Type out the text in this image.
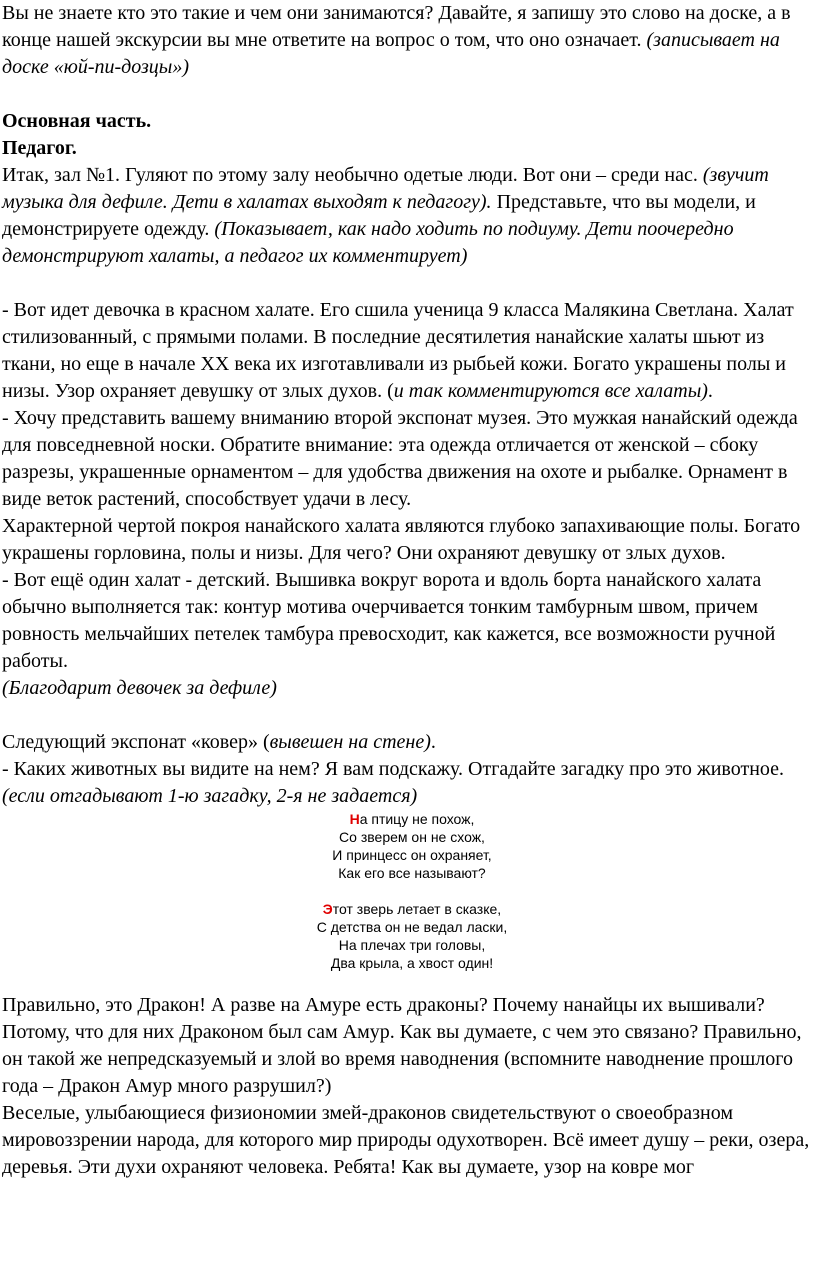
Вы не знаете кто это такие и чем они занимаются? Давайте, я запишу это слово на доске, а в конце нашей экскурсии вы мне ответите на вопрос о том, что оно означает. (записывает на доске «юй-пи-дозцы»)

Основная часть.

Педагог.

Итак, зал №1. Гуляют по этому залу необычно одетые люди. Вот они – среди нас. (звучит музыка для дефиле. Дети в халатах выходят к педагогу). Представьте, что вы модели, и демонстрируете одежду. (Показывает, как надо ходить по подиуму. Дети поочередно демонстрируют халаты, а педагог их комментирует)

- Вот идет девочка в красном халате. Его сшила ученица 9 класса Малякина Светлана. Халат стилизованный, с прямыми полами. В последние десятилетия нанайские халаты шьют из ткани, но еще в начале XX века их изготавливали из рыбьей кожи. Богато украшены полы и низы. Узор охраняет девушку от злых духов. (и так комментируются все халаты).

- Хочу представить вашему вниманию второй экспонат музея. Это мужкая нанайский одежда для повседневной носки. Обратите внимание: эта одежда отличается от женской – сбоку разрезы, украшенные орнаментом – для удобства движения на охоте и рыбалке. Орнамент в виде веток растений, способствует удачи в лесу.

Характерной чертой покроя нанайского халата являются глубоко запахивающие полы. Богато украшены горловина, полы и низы. Для чего? Они охраняют девушку от злых духов.

- Вот ещё один халат - детский. Вышивка вокруг ворота и вдоль борта нанайского халата обычно выполняется так: контур мотива очерчивается тонким тамбурным швом, причем ровность мельчайших петелек тамбура превосходит, как кажется, все возможности ручной работы.

(Благодарит девочек за дефиле)

Следующий экспонат «ковер» (вывешен на стене).

- Каких животных вы видите на нем? Я вам подскажу. Отгадайте загадку про это животное. (если отгадывают 1-ю загадку, 2-я не задается)

На птицу не похож,
Со зверем он не схож,
И принцесс он охраняет,
Как его все называют?
Этот зверь летает в сказке,
С детства он не ведал ласки,
На плечах три головы,
Два крыла, а хвост один!

Правильно, это Дракон! А разве на Амуре есть драконы? Почему нанайцы их вышивали? Потому, что для них Драконом был сам Амур. Как вы думаете, с чем это связано? Правильно, он такой же непредсказуемый и злой во время наводнения (вспомните наводнение прошлого года – Дракон Амур много разрушил?)

Веселые, улыбающиеся физиономии змей-драконов свидетельствуют о своеобразном мировоззрении народа, для которого мир природы одухотворен. Всё имеет душу – реки, озера, деревья. Эти духи охраняют человека. Ребята! Как вы думаете, узор на ковре мог
